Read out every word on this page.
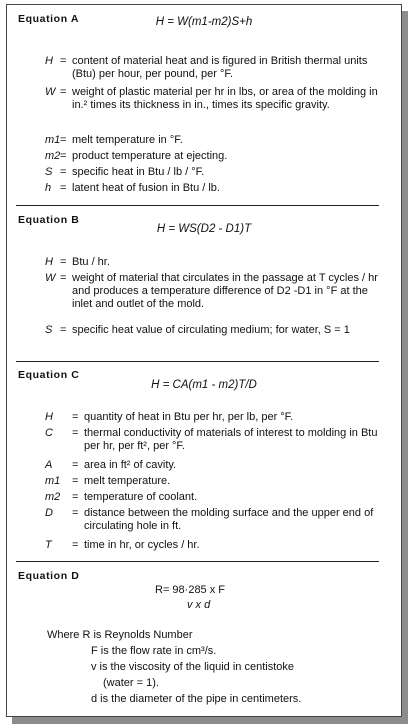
Equation A	H = W(m1-m2)S+h
H = content of material heat and is figured in British thermal units (Btu) per hour, per pound, per °F.
W = weight of plastic material per hr in lbs, or area of the molding in in.² times its thickness in in., times its specific gravity.
m1 = melt temperature in °F.
m2 = product temperature at ejecting.
S = specific heat in Btu / lb / °F.
h = latent heat of fusion in Btu / lb.
Equation B
H = WS(D2 - D1)T
H = Btu / hr.
W = weight of material that circulates in the passage at T cycles / hr and produces a temperature difference of D2 -D1 in °F at the inlet and outlet of the mold.
S = specific heat value of circulating medium; for water, S = 1
Equation C
H = CA(m1 - m2)T/D
H = quantity of heat in Btu per hr, per lb, per °F.
C = thermal conductivity of materials of interest to molding in Btu per hr, per ft², per °F.
A = area in ft² of cavity.
m1 = melt temperature.
m2 = temperature of coolant.
D = distance between the molding surface and the upper end of circulating hole in ft.
T = time in hr, or cycles / hr.
Equation D
R= 98·285 x F
v x d
Where R is Reynolds Number
F is the flow rate in cm³/s.
v is the viscosity of the liquid in centistoke
(water = 1).
d is the diameter of the pipe in centimeters.
